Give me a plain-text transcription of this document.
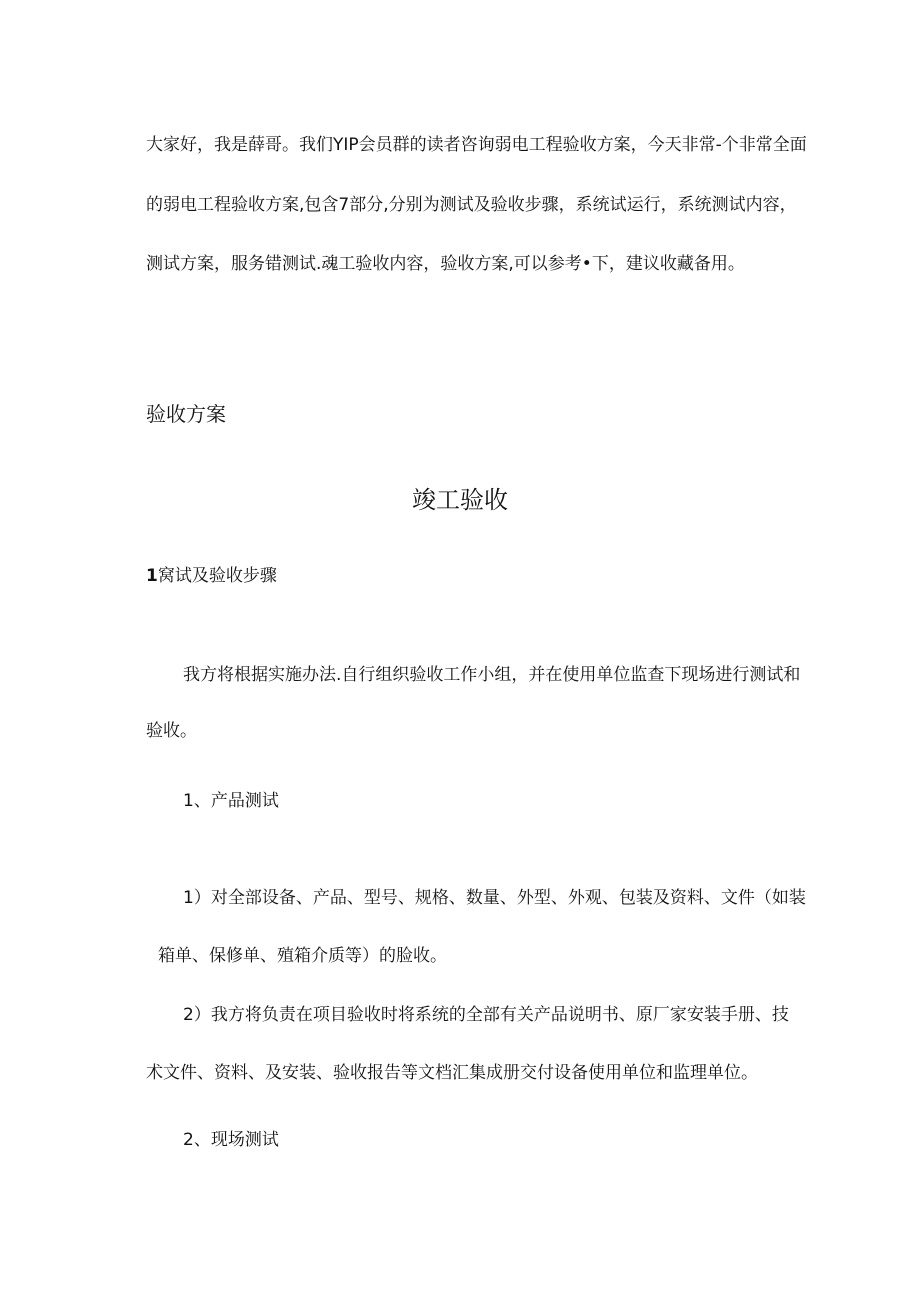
大家好，我是薛哥。我们YIP会员群的读者咨询弱电工程验收方案，今天非常-个非常全面
的弱电工程验收方案,包含7部分,分别为测试及验收步骤，系统试运行，系统测试内容，
测试方案，服务错测试.魂工验收内容，验收方案,可以参考•下，建议收藏备用。
验收方案
竣工验收
1窝试及验收步骤
我方将根据实施办法.自行组织验收工作小组，并在使用单位监查下现场进行测试和
验收。
1、产品测试
1）对全部设备、产品、型号、规格、数量、外型、外观、包装及资料、文件（如装
箱单、保修单、殖箱介质等）的脸收。
2）我方将负责在项目验收时将系统的全部有关产品说明书、原厂家安装手册、技
术文件、资料、及安装、验收报告等文档汇集成册交付设备使用单位和监理单位。
2、现场测试
